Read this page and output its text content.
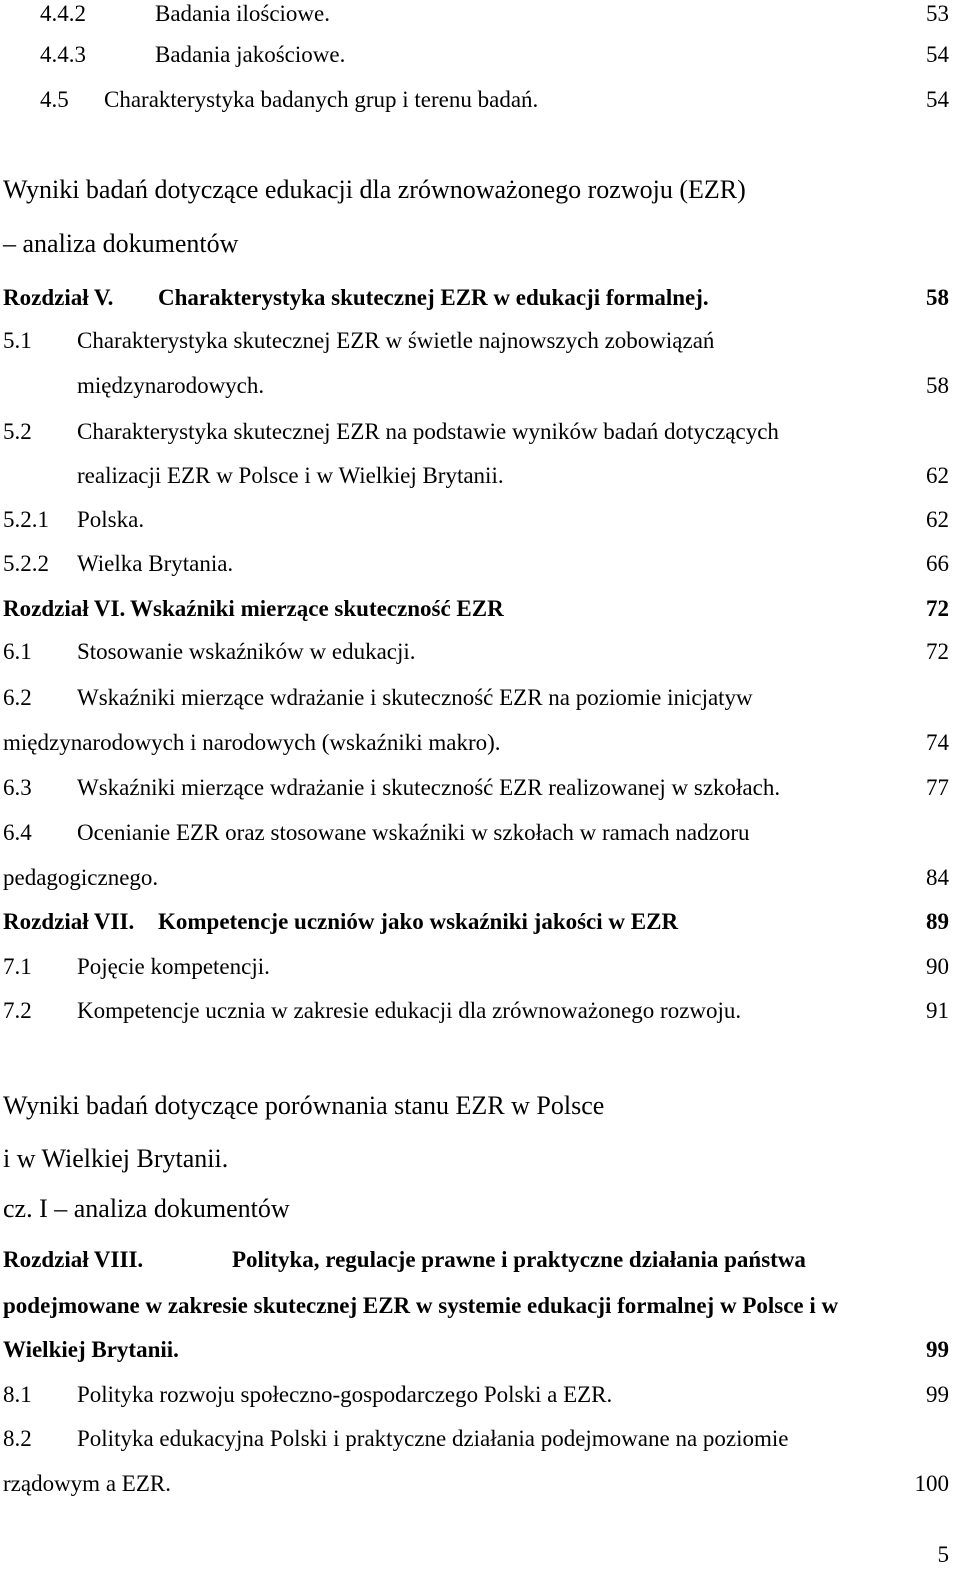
4.4.2	Badania ilościowe.	53
4.4.3	Badania jakościowe.	54
4.5 Charakterystyka badanych grup i terenu badań.	54
Wyniki badań dotyczące edukacji dla zrównoważonego rozwoju (EZR)
– analiza dokumentów
Rozdział V. Charakterystyka skutecznej EZR w edukacji formalnej.	58
5.1 Charakterystyka skutecznej EZR w świetle najnowszych zobowiązań
międzynarodowych.	58
5.2 Charakterystyka skutecznej EZR na podstawie wyników badań dotyczących
realizacji EZR w Polsce i w Wielkiej Brytanii.	62
5.2.1 Polska.	62
5.2.2 Wielka Brytania.	66
Rozdział VI. Wskaźniki mierzące skuteczność EZR	72
6.1 Stosowanie wskaźników w edukacji.	72
6.2 Wskaźniki mierzące wdrażanie i skuteczność EZR na poziomie inicjatyw
międzynarodowych i narodowych (wskaźniki makro).	74
6.3 Wskaźniki mierzące wdrażanie i skuteczność EZR realizowanej w szkołach.	77
6.4 Ocenianie EZR oraz stosowane wskaźniki w szkołach w ramach nadzoru
pedagogicznego.	84
Rozdział VII. Kompetencje uczniów jako wskaźniki jakości w EZR	89
7.1 Pojęcie kompetencji.	90
7.2 Kompetencje ucznia w zakresie edukacji dla zrównoważonego rozwoju.	91
Wyniki badań dotyczące porównania stanu EZR w Polsce
i w Wielkiej Brytanii.
cz. I – analiza dokumentów
Rozdział VIII.	Polityka, regulacje prawne i praktyczne działania państwa
podejmowane w zakresie skutecznej EZR w systemie edukacji formalnej w Polsce i w
Wielkiej Brytanii.	99
8.1 Polityka rozwoju społeczno-gospodarczego Polski a EZR.	99
8.2 Polityka edukacyjna Polski i praktyczne działania podejmowane na poziomie
rządowym a EZR.	100
5
